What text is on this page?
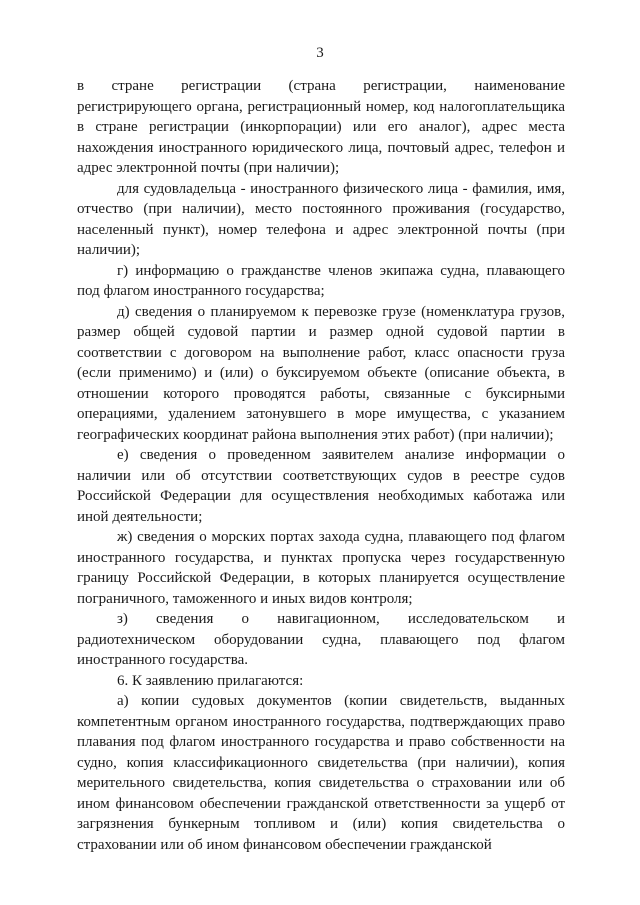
3

в стране регистрации (страна регистрации, наименование регистрирующего органа, регистрационный номер, код налогоплательщика в стране регистрации (инкорпорации) или его аналог), адрес места нахождения иностранного юридического лица, почтовый адрес, телефон и адрес электронной почты (при наличии);

для судовладельца - иностранного физического лица - фамилия, имя, отчество (при наличии), место постоянного проживания (государство, населенный пункт), номер телефона и адрес электронной почты (при наличии);

г) информацию о гражданстве членов экипажа судна, плавающего под флагом иностранного государства;

д) сведения о планируемом к перевозке грузе (номенклатура грузов, размер общей судовой партии и размер одной судовой партии в соответствии с договором на выполнение работ, класс опасности груза (если применимо) и (или) о буксируемом объекте (описание объекта, в отношении которого проводятся работы, связанные с буксирными операциями, удалением затонувшего в море имущества, с указанием географических координат района выполнения этих работ) (при наличии);

е) сведения о проведенном заявителем анализе информации о наличии или об отсутствии соответствующих судов в реестре судов Российской Федерации для осуществления необходимых каботажа или иной деятельности;

ж) сведения о морских портах захода судна, плавающего под флагом иностранного государства, и пунктах пропуска через государственную границу Российской Федерации, в которых планируется осуществление пограничного, таможенного и иных видов контроля;

з) сведения о навигационном, исследовательском и радиотехническом оборудовании судна, плавающего под флагом иностранного государства.

6. К заявлению прилагаются:

а) копии судовых документов (копии свидетельств, выданных компетентным органом иностранного государства, подтверждающих право плавания под флагом иностранного государства и право собственности на судно, копия классификационного свидетельства (при наличии), копия мерительного свидетельства, копия свидетельства о страховании или об ином финансовом обеспечении гражданской ответственности за ущерб от загрязнения бункерным топливом и (или) копия свидетельства о страховании или об ином финансовом обеспечении гражданской
